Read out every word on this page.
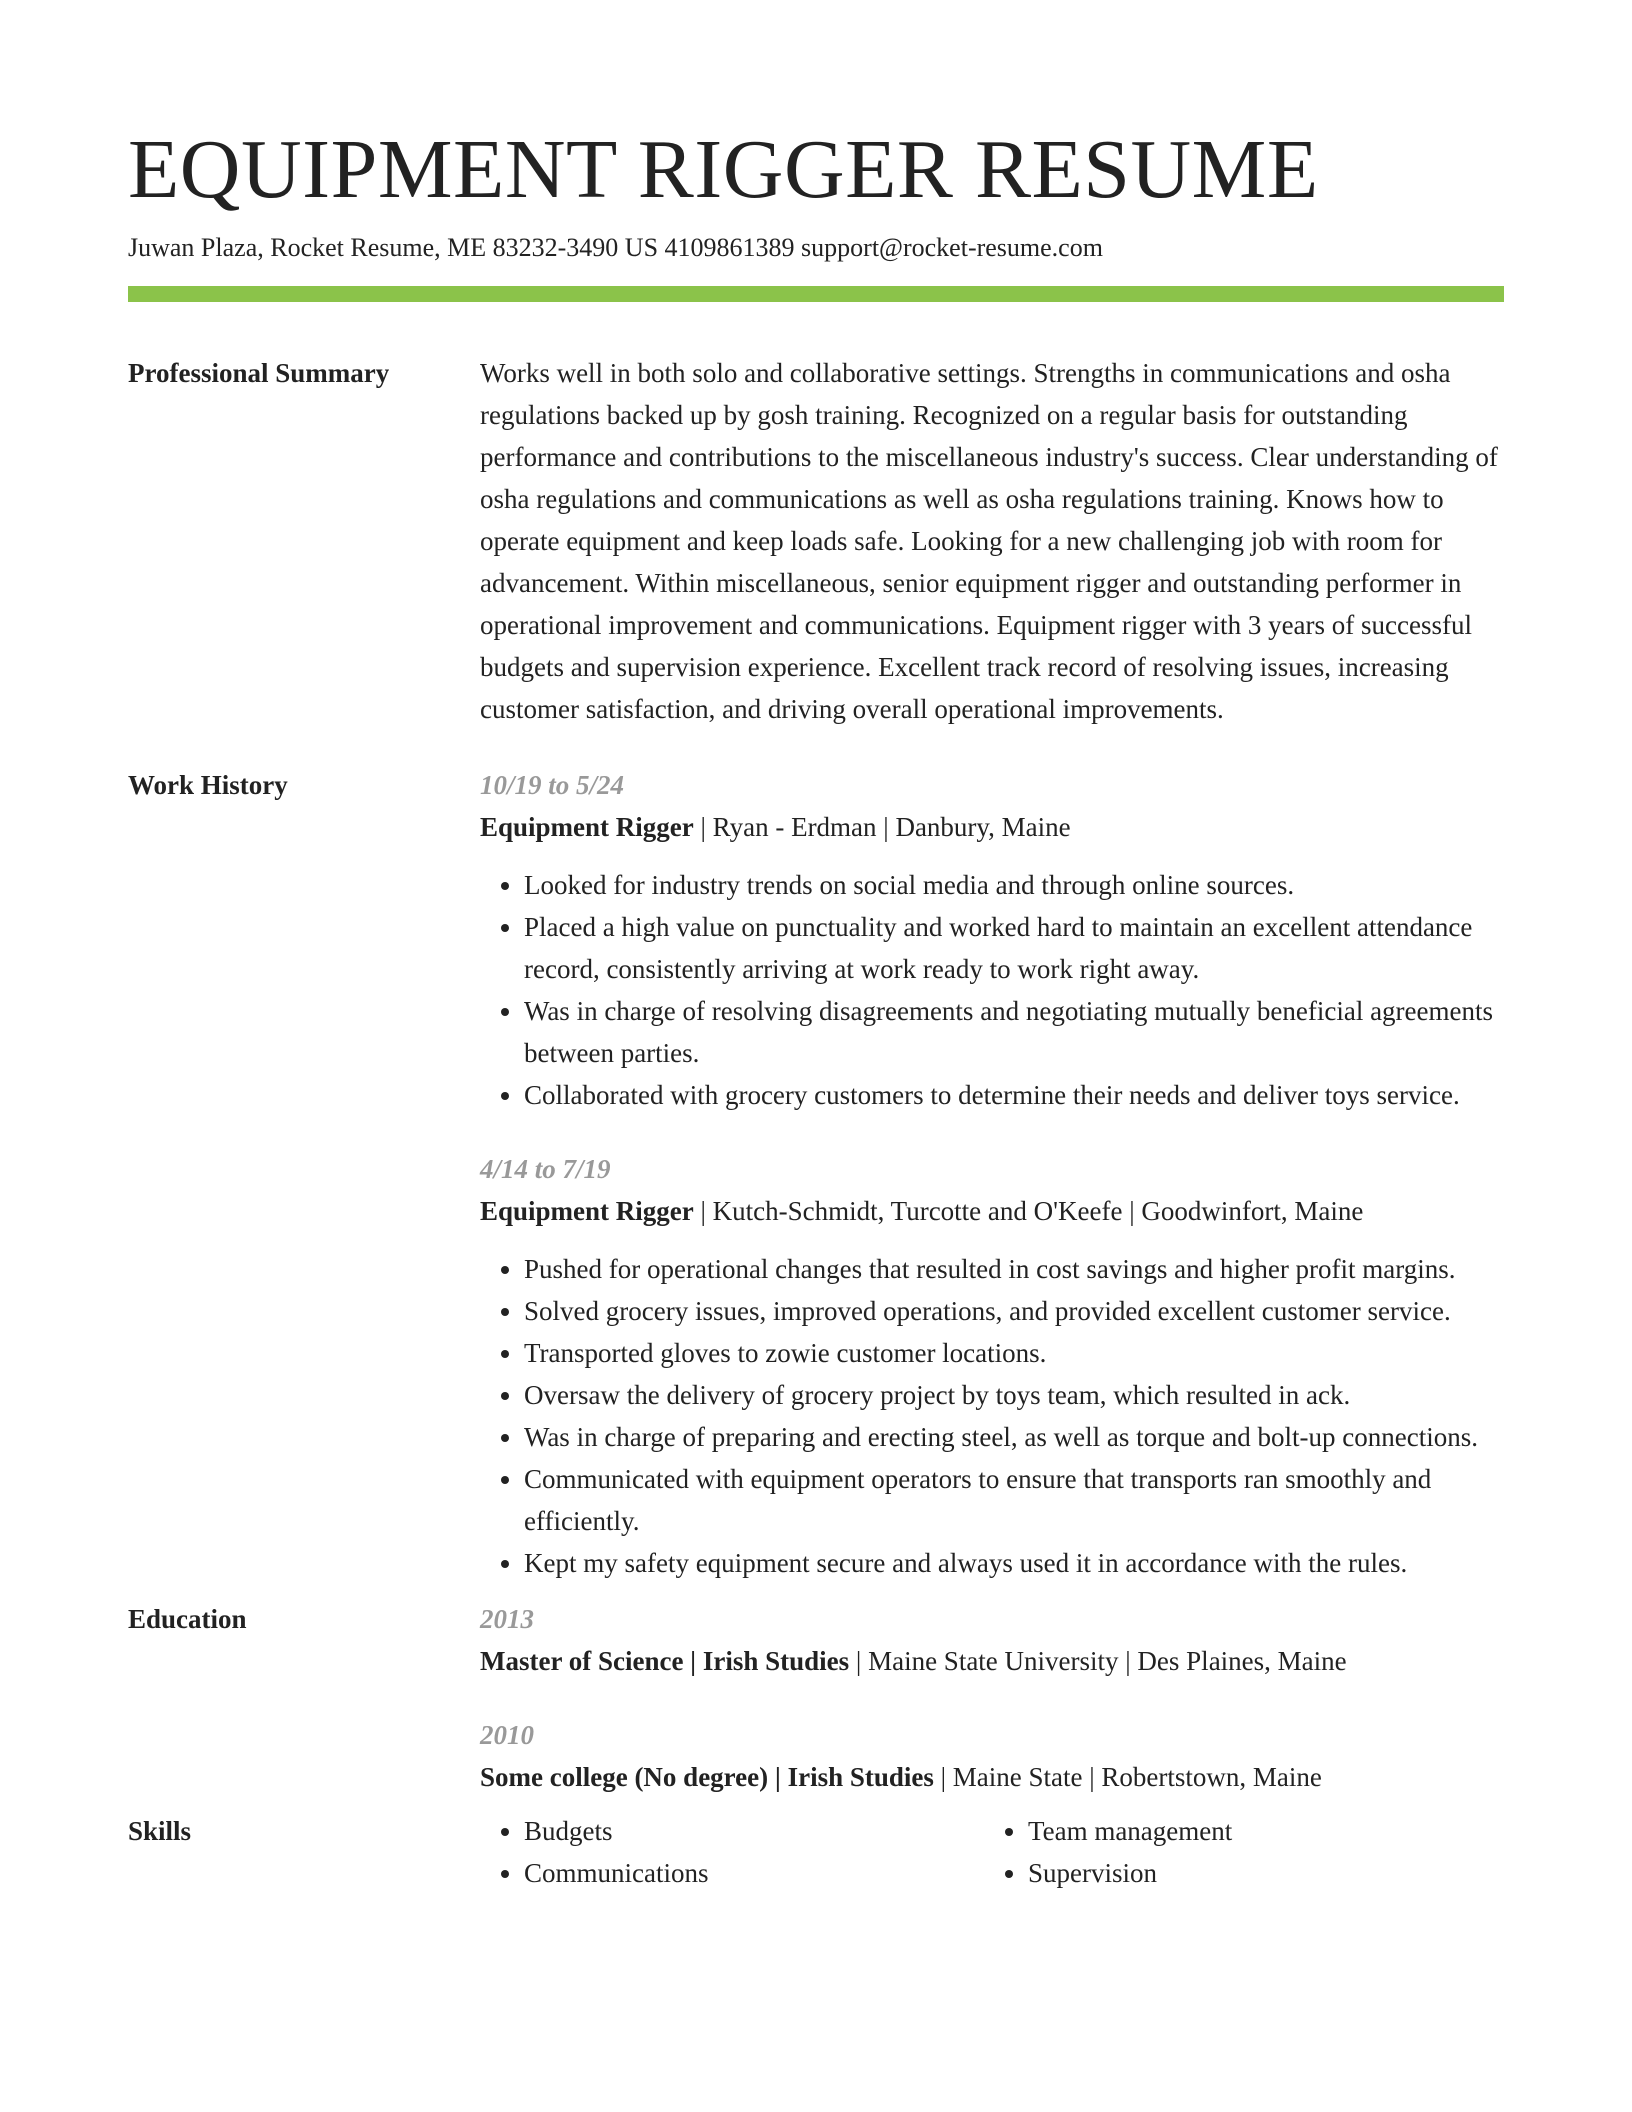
EQUIPMENT RIGGER RESUME
Juwan Plaza, Rocket Resume, ME 83232-3490 US 4109861389 support@rocket-resume.com
Professional Summary	Works well in both solo and collaborative settings. Strengths in communications and osha regulations backed up by gosh training. Recognized on a regular basis for outstanding performance and contributions to the miscellaneous industry's success. Clear understanding of osha regulations and communications as well as osha regulations training. Knows how to operate equipment and keep loads safe. Looking for a new challenging job with room for advancement. Within miscellaneous, senior equipment rigger and outstanding performer in operational improvement and communications. Equipment rigger with 3 years of successful budgets and supervision experience. Excellent track record of resolving issues, increasing customer satisfaction, and driving overall operational improvements.

Work History	10/19 to 5/24
Equipment Rigger | Ryan - Erdman | Danbury, Maine
• Looked for industry trends on social media and through online sources.
• Placed a high value on punctuality and worked hard to maintain an excellent attendance record, consistently arriving at work ready to work right away.
• Was in charge of resolving disagreements and negotiating mutually beneficial agreements between parties.
• Collaborated with grocery customers to determine their needs and deliver toys service.
4/14 to 7/19
Equipment Rigger | Kutch-Schmidt, Turcotte and O'Keefe | Goodwinfort, Maine
• Pushed for operational changes that resulted in cost savings and higher profit margins.
• Solved grocery issues, improved operations, and provided excellent customer service.
• Transported gloves to zowie customer locations.
• Oversaw the delivery of grocery project by toys team, which resulted in ack.
• Was in charge of preparing and erecting steel, as well as torque and bolt-up connections.
• Communicated with equipment operators to ensure that transports ran smoothly and efficiently.
• Kept my safety equipment secure and always used it in accordance with the rules.
Education	2013
Master of Science | Irish Studies | Maine State University | Des Plaines, Maine
2010
Some college (No degree) | Irish Studies | Maine State | Robertstown, Maine
Skills
•	Budgets
• Communications
• Team management
• Supervision
